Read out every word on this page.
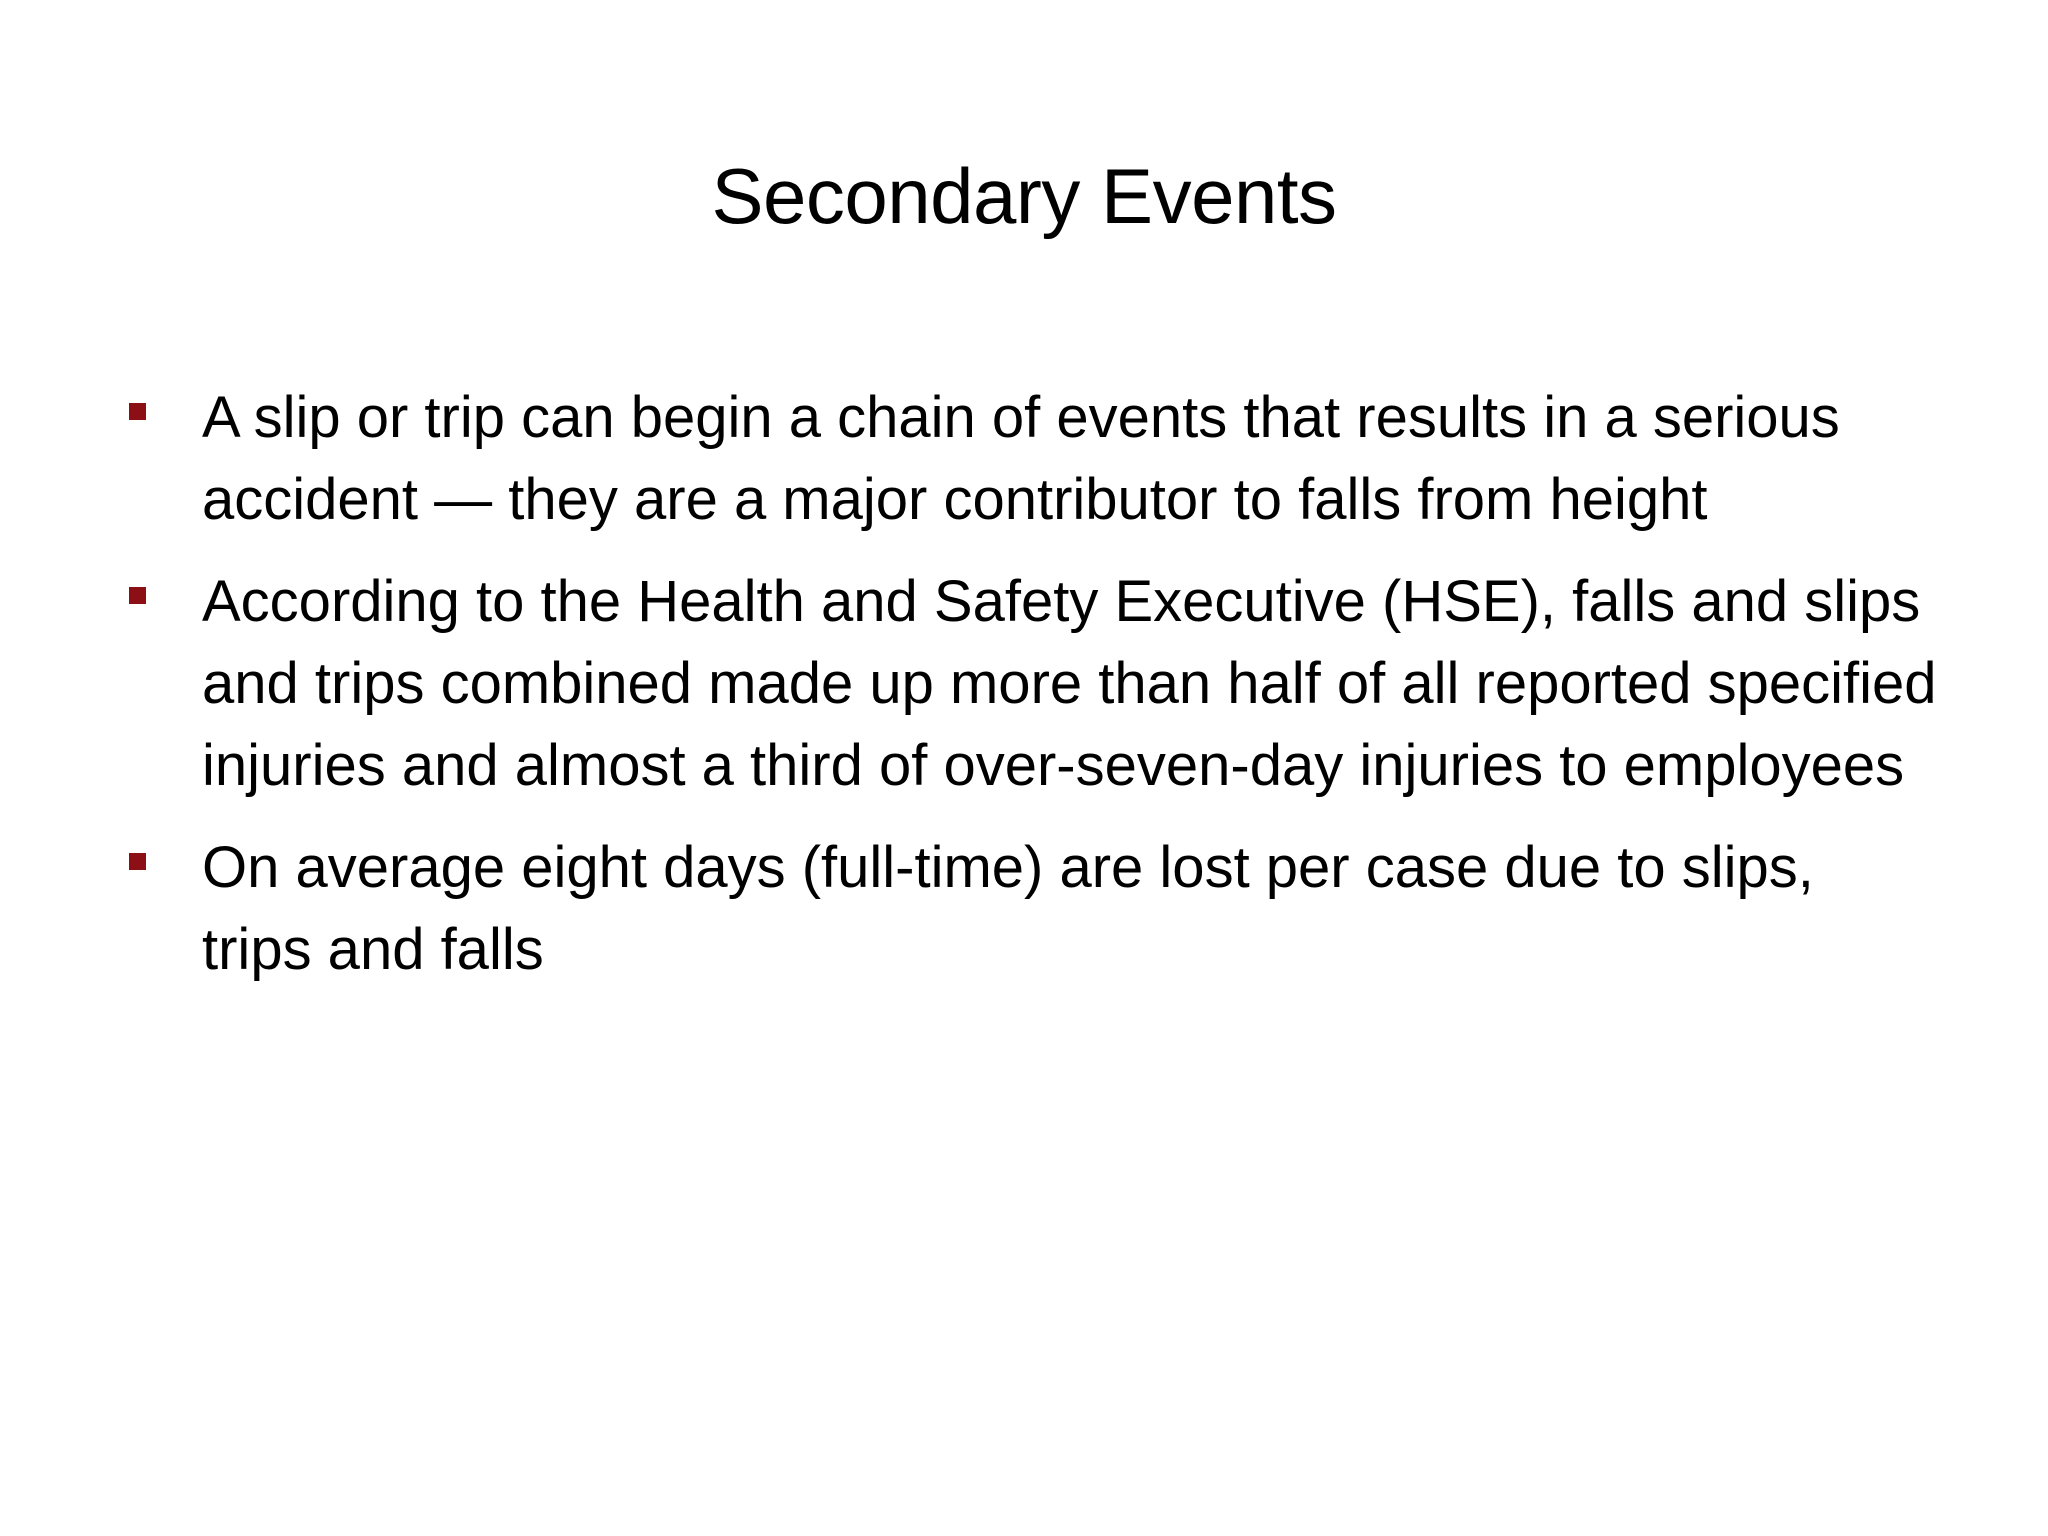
Secondary Events
A slip or trip can begin a chain of events that results in a serious accident — they are a major contributor to falls from height
According to the Health and Safety Executive (HSE), falls and slips and trips combined made up more than half of all reported specified injuries and almost a third of over-seven-day injuries to employees
On average eight days (full-time) are lost per case due to slips, trips and falls
